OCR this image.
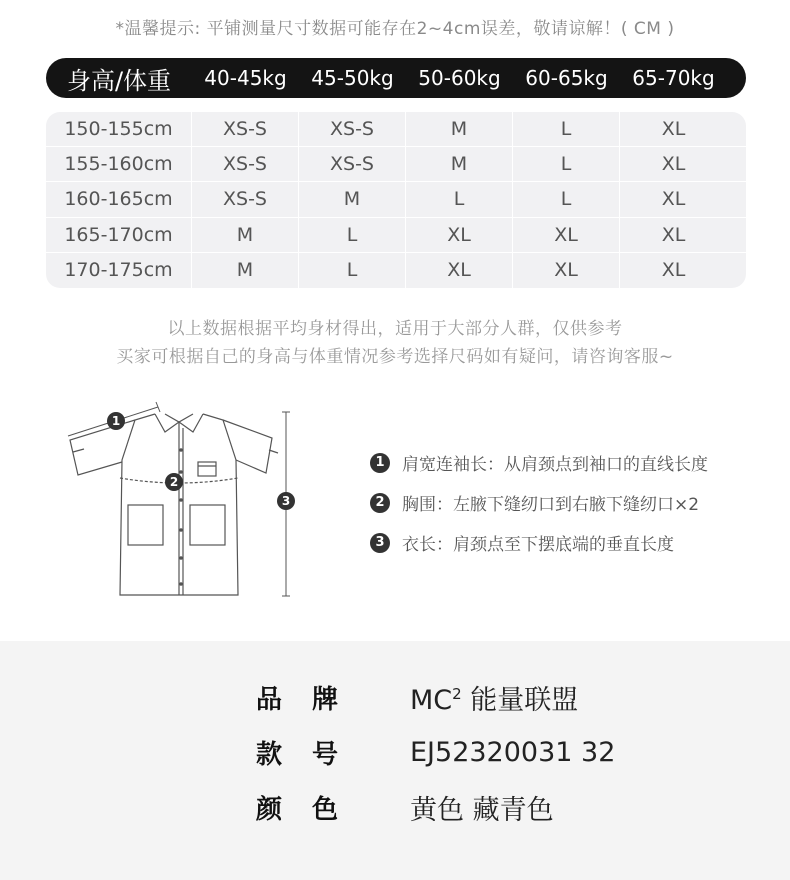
*温馨提示: 平铺测量尺寸数据可能存在2~4cm误差，敬请谅解！( CM )
身高/体重	40-45kg	45-50kg	50-60kg	60-65kg	65-70kg
150-155cm	XS-S	XS-S	M	L	XL
155-160cm	XS-S	XS-S	M	L	XL
160-165cm	XS-S	M	L	L	XL
165-170cm	M	L	XL	XL	XL
170-175cm	M	L	XL	XL	XL
以上数据根据平均身材得出，适用于大部分人群，仅供参考
买家可根据自己的身高与体重情况参考选择尺码如有疑问，请咨询客服~
1
2
3
1	肩宽连袖长：从肩颈点到袖口的直线长度
2	胸围：左腋下缝纫口到右腋下缝纫口×2
3	衣长：肩颈点至下摆底端的垂直长度
品 牌	$MC^2$ 能量联盟
款 号	EJ52320031 32
颜 色	黄色 藏青色
